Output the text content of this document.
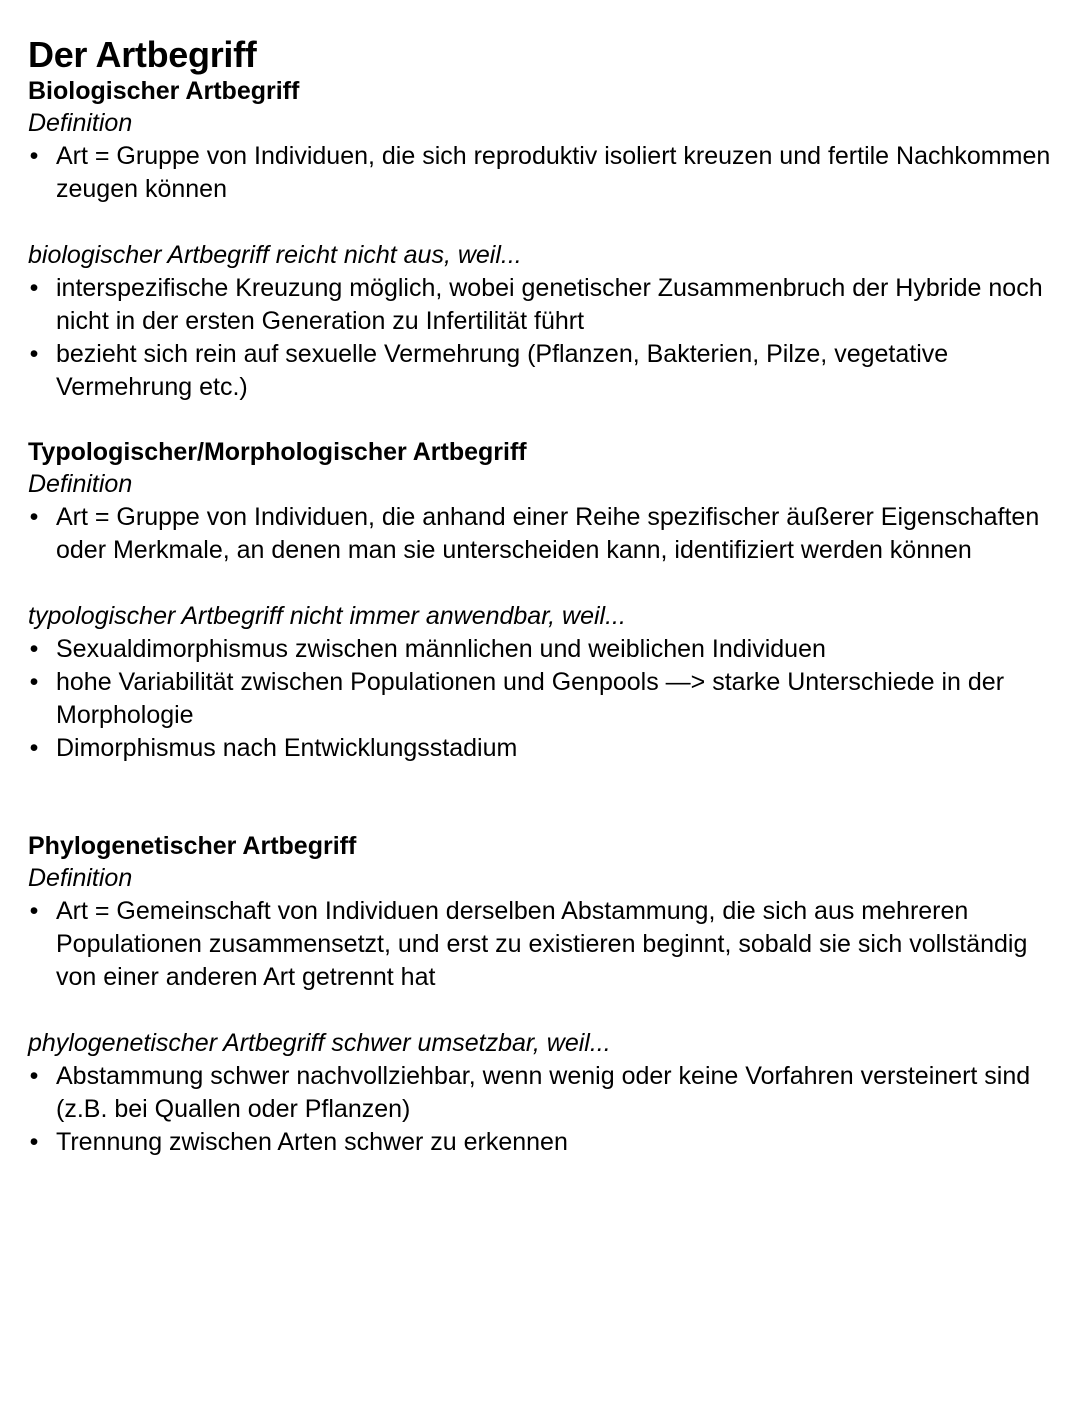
Der Artbegriff
Biologischer Artbegriff

Definition

• Art = Gruppe von Individuen, die sich reproduktiv isoliert kreuzen und fertile Nachkommen zeugen können

biologischer Artbegriff reicht nicht aus, weil...

• interspezifische Kreuzung möglich, wobei genetischer Zusammenbruch der Hybride noch nicht in der ersten Generation zu Infertilität führt
• bezieht sich rein auf sexuelle Vermehrung (Pflanzen, Bakterien, Pilze, vegetative Vermehrung etc.)
Typologischer/Morphologischer Artbegriff

Definition

• Art = Gruppe von Individuen, die anhand einer Reihe spezifischer äußerer Eigenschaften oder Merkmale, an denen man sie unterscheiden kann, identifiziert werden können

typologischer Artbegriff nicht immer anwendbar, weil...

• Sexualdimorphismus zwischen männlichen und weiblichen Individuen
• hohe Variabilität zwischen Populationen und Genpools —> starke Unterschiede in der Morphologie
• Dimorphismus nach Entwicklungsstadium
Phylogenetischer Artbegriff

Definition

• Art = Gemeinschaft von Individuen derselben Abstammung, die sich aus mehreren Populationen zusammensetzt, und erst zu existieren beginnt, sobald sie sich vollständig von einer anderen Art getrennt hat

phylogenetischer Artbegriff schwer umsetzbar, weil...

• Abstammung schwer nachvollziehbar, wenn wenig oder keine Vorfahren versteinert sind (z.B. bei Quallen oder Pflanzen)
• Trennung zwischen Arten schwer zu erkennen
